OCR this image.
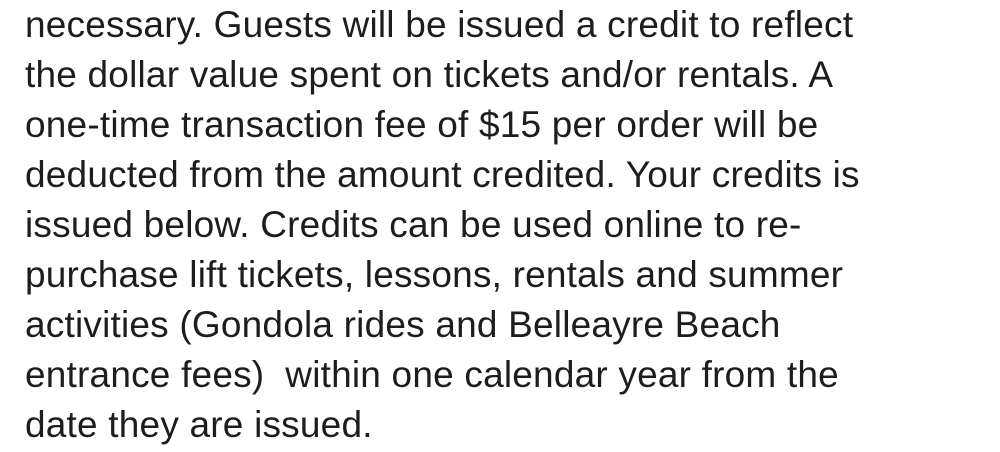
necessary. Guests will be issued a credit to reflect
the dollar value spent on tickets and/or rentals. A
one-time transaction fee of $15 per order will be
deducted from the amount credited. Your credits is
issued below. Credits can be used online to re-
purchase lift tickets, lessons, rentals and summer
activities (Gondola rides and Belleayre Beach
entrance fees)  within one calendar year from the
date they are issued.
